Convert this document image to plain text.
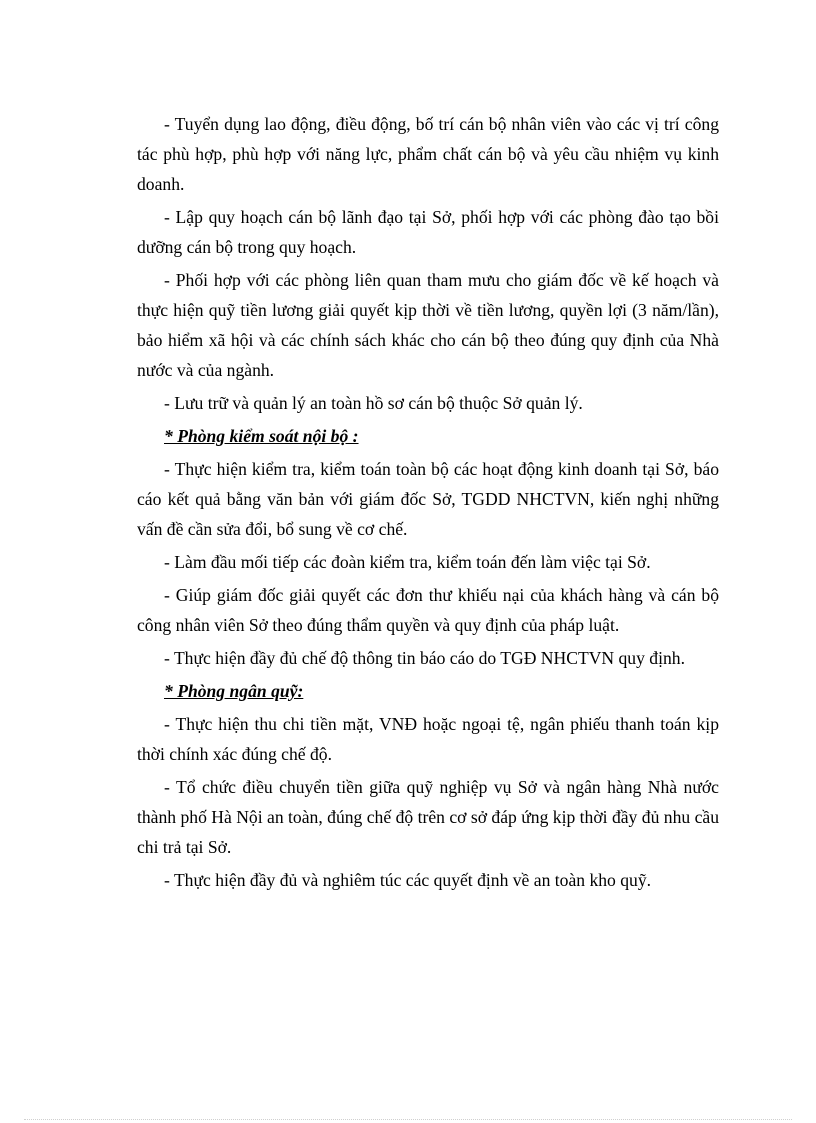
- Tuyển dụng lao động, điều động, bố trí cán bộ nhân viên vào các vị trí công tác phù hợp, phù hợp với năng lực, phẩm chất cán bộ và yêu cầu nhiệm vụ kinh doanh.

- Lập quy hoạch cán bộ lãnh đạo tại Sở, phối hợp với các phòng đào tạo bồi dưỡng cán bộ trong quy hoạch.

- Phối hợp với các phòng liên quan tham mưu cho giám đốc về kế hoạch và thực hiện quỹ tiền lương giải quyết kịp thời về tiền lương, quyền lợi (3 năm/lần), bảo hiểm xã hội và các chính sách khác cho cán bộ theo đúng quy định của Nhà nước và của ngành.

- Lưu trữ và quản lý an toàn hồ sơ cán bộ thuộc Sở quản lý.

* Phòng kiểm soát nội bộ :

- Thực hiện kiểm tra, kiểm toán toàn bộ các hoạt động kinh doanh tại Sở, báo cáo kết quả bằng văn bản với giám đốc Sở, TGDD NHCTVN, kiến nghị những vấn đề cần sửa đổi, bổ sung về cơ chế.

- Làm đầu mối tiếp các đoàn kiểm tra, kiểm toán đến làm việc tại Sở.

- Giúp giám đốc giải quyết các đơn thư khiếu nại của khách hàng và cán bộ công nhân viên Sở theo đúng thẩm quyền và quy định của pháp luật.

- Thực hiện đầy đủ chế độ thông tin báo cáo do TGĐ NHCTVN quy định.

* Phòng ngân quỹ:

- Thực hiện thu chi tiền mặt, VNĐ hoặc ngoại tệ, ngân phiếu thanh toán kịp thời chính xác đúng chế độ.

- Tổ chức điều chuyển tiền giữa quỹ nghiệp vụ Sở và ngân hàng Nhà nước thành phố Hà Nội an toàn, đúng chế độ trên cơ sở đáp ứng kịp thời đầy đủ nhu cầu chi trả tại Sở.

- Thực hiện đầy đủ và nghiêm túc các quyết định về an toàn kho quỹ.
